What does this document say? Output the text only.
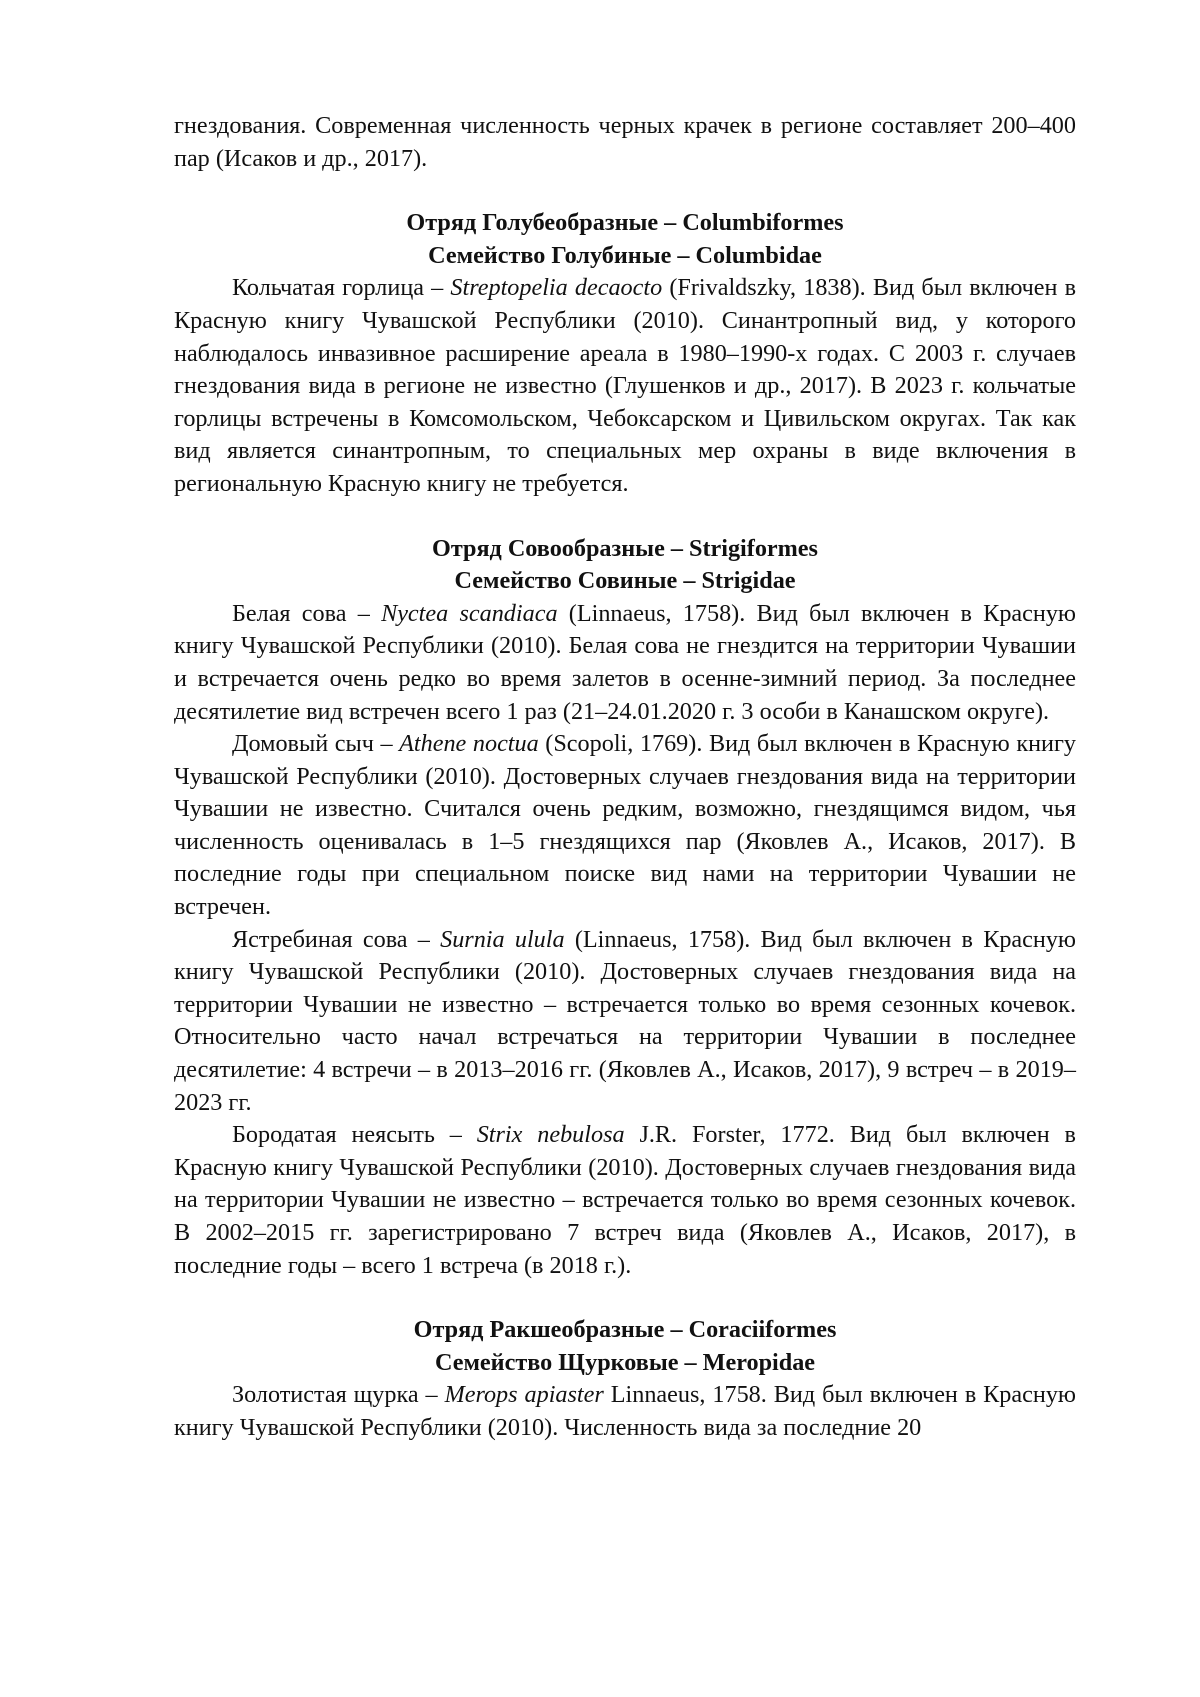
гнездования. Современная численность черных крачек в регионе составляет 200–400 пар (Исаков и др., 2017).

Отряд Голубеобразные – Columbiformes

Семейство Голубиные – Columbidae

Кольчатая горлица – Streptopelia decaocto (Frivaldszky, 1838). Вид был включен в Красную книгу Чувашской Республики (2010). Синантропный вид, у которого наблюдалось инвазивное расширение ареала в 1980–1990-х годах. С 2003 г. случаев гнездования вида в регионе не известно (Глушенков и др., 2017). В 2023 г. кольчатые горлицы встречены в Комсомольском, Чебоксарском и Цивильском округах. Так как вид является синантропным, то специальных мер охраны в виде включения в региональную Красную книгу не требуется.

Отряд Совообразные – Strigiformes

Семейство Совиные – Strigidae

Белая сова – Nyctea scandiaca (Linnaeus, 1758). Вид был включен в Красную книгу Чувашской Республики (2010). Белая сова не гнездится на территории Чувашии и встречается очень редко во время залетов в осенне-зимний период. За последнее десятилетие вид встречен всего 1 раз (21–24.01.2020 г. 3 особи в Канашском округе).

Домовый сыч – Athene noctua (Scopoli, 1769). Вид был включен в Красную книгу Чувашской Республики (2010). Достоверных случаев гнездования вида на территории Чувашии не известно. Считался очень редким, возможно, гнездящимся видом, чья численность оценивалась в 1–5 гнездящихся пар (Яковлев А., Исаков, 2017). В последние годы при специальном поиске вид нами на территории Чувашии не встречен.

Ястребиная сова – Surnia ulula (Linnaeus, 1758). Вид был включен в Красную книгу Чувашской Республики (2010). Достоверных случаев гнездования вида на территории Чувашии не известно – встречается только во время сезонных кочевок. Относительно часто начал встречаться на территории Чувашии в последнее десятилетие: 4 встречи – в 2013–2016 гг. (Яковлев А., Исаков, 2017), 9 встреч – в 2019–2023 гг.

Бородатая неясыть – Strix nebulosa J.R. Forster, 1772. Вид был включен в Красную книгу Чувашской Республики (2010). Достоверных случаев гнездования вида на территории Чувашии не известно – встречается только во время сезонных кочевок. В 2002–2015 гг. зарегистрировано 7 встреч вида (Яковлев А., Исаков, 2017), в последние годы – всего 1 встреча (в 2018 г.).

Отряд Ракшеобразные – Coraciiformes

Семейство Щурковые – Meropidae

Золотистая щурка – Merops apiaster Linnaeus, 1758. Вид был включен в Красную книгу Чувашской Республики (2010). Численность вида за последние 20
